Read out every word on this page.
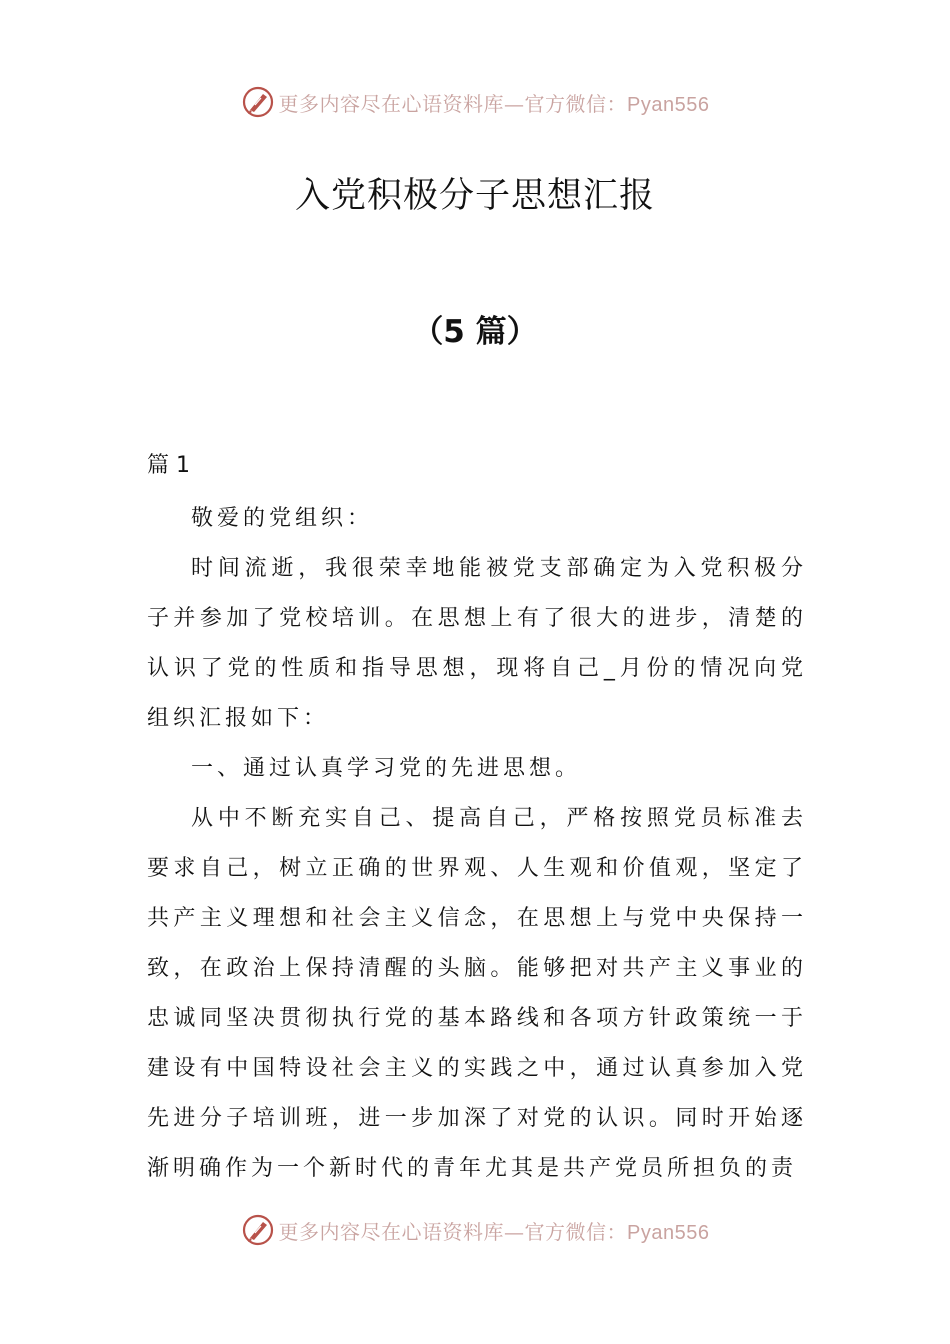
更多内容尽在心语资料库—官方微信：Pyan556
入党积极分子思想汇报
（5 篇）
篇 1

敬爱的党组织：

时间流逝，我很荣幸地能被党支部确定为入党积极分子并参加了党校培训。在思想上有了很大的进步，清楚的认识了党的性质和指导思想，现将自己_月份的情况向党组织汇报如下：

一、通过认真学习党的先进思想。

从中不断充实自己、提高自己，严格按照党员标准去要求自己，树立正确的世界观、人生观和价值观，坚定了共产主义理想和社会主义信念，在思想上与党中央保持一致，在政治上保持清醒的头脑。能够把对共产主义事业的忠诚同坚决贯彻执行党的基本路线和各项方针政策统一于建设有中国特设社会主义的实践之中，通过认真参加入党先进分子培训班，进一步加深了对党的认识。同时开始逐渐明确作为一个新时代的青年尤其是共产党员所担负的责

更多内容尽在心语资料库—官方微信：Pyan556
